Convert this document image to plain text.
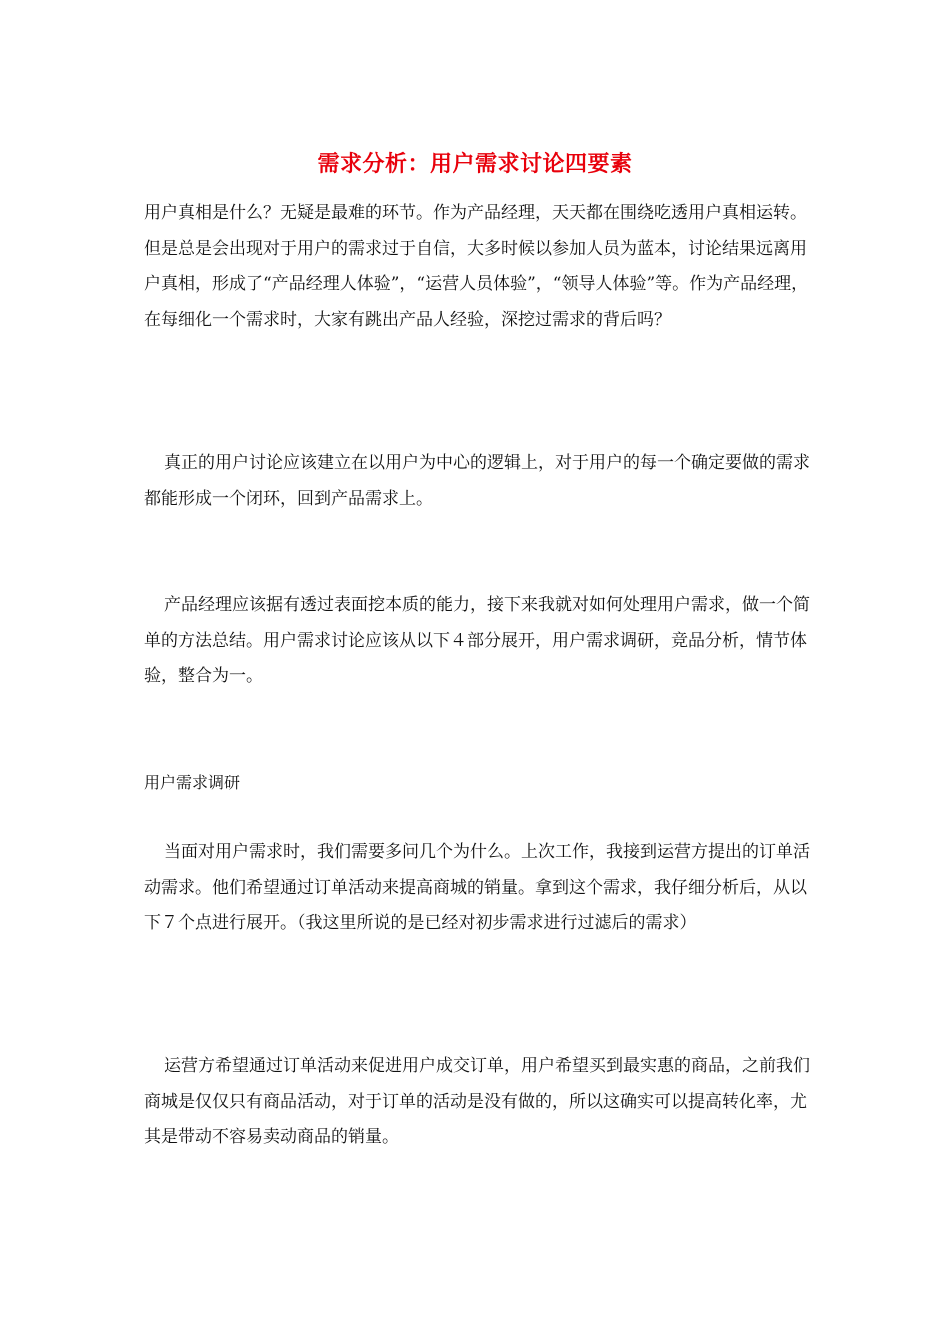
需求分析：用户需求讨论四要素

用户真相是什么？无疑是最难的环节。作为产品经理，天天都在围绕吃透用户真相运转。但是总是会出现对于用户的需求过于自信，大多时候以参加人员为蓝本，讨论结果远离用户真相，形成了“产品经理人体验”，“运营人员体验”，“领导人体验”等。作为产品经理，在每细化一个需求时，大家有跳出产品人经验，深挖过需求的背后吗？

真正的用户讨论应该建立在以用户为中心的逻辑上，对于用户的每一个确定要做的需求都能形成一个闭环，回到产品需求上。

产品经理应该据有透过表面挖本质的能力，接下来我就对如何处理用户需求，做一个简单的方法总结。用户需求讨论应该从以下４部分展开，用户需求调研，竞品分析，情节体验，整合为一。

用户需求调研

当面对用户需求时，我们需要多问几个为什么。上次工作，我接到运营方提出的订单活动需求。他们希望通过订单活动来提高商城的销量。拿到这个需求，我仔细分析后，从以下７个点进行展开。（我这里所说的是已经对初步需求进行过滤后的需求）

运营方希望通过订单活动来促进用户成交订单，用户希望买到最实惠的商品，之前我们商城是仅仅只有商品活动，对于订单的活动是没有做的，所以这确实可以提高转化率，尤其是带动不容易卖动商品的销量。
